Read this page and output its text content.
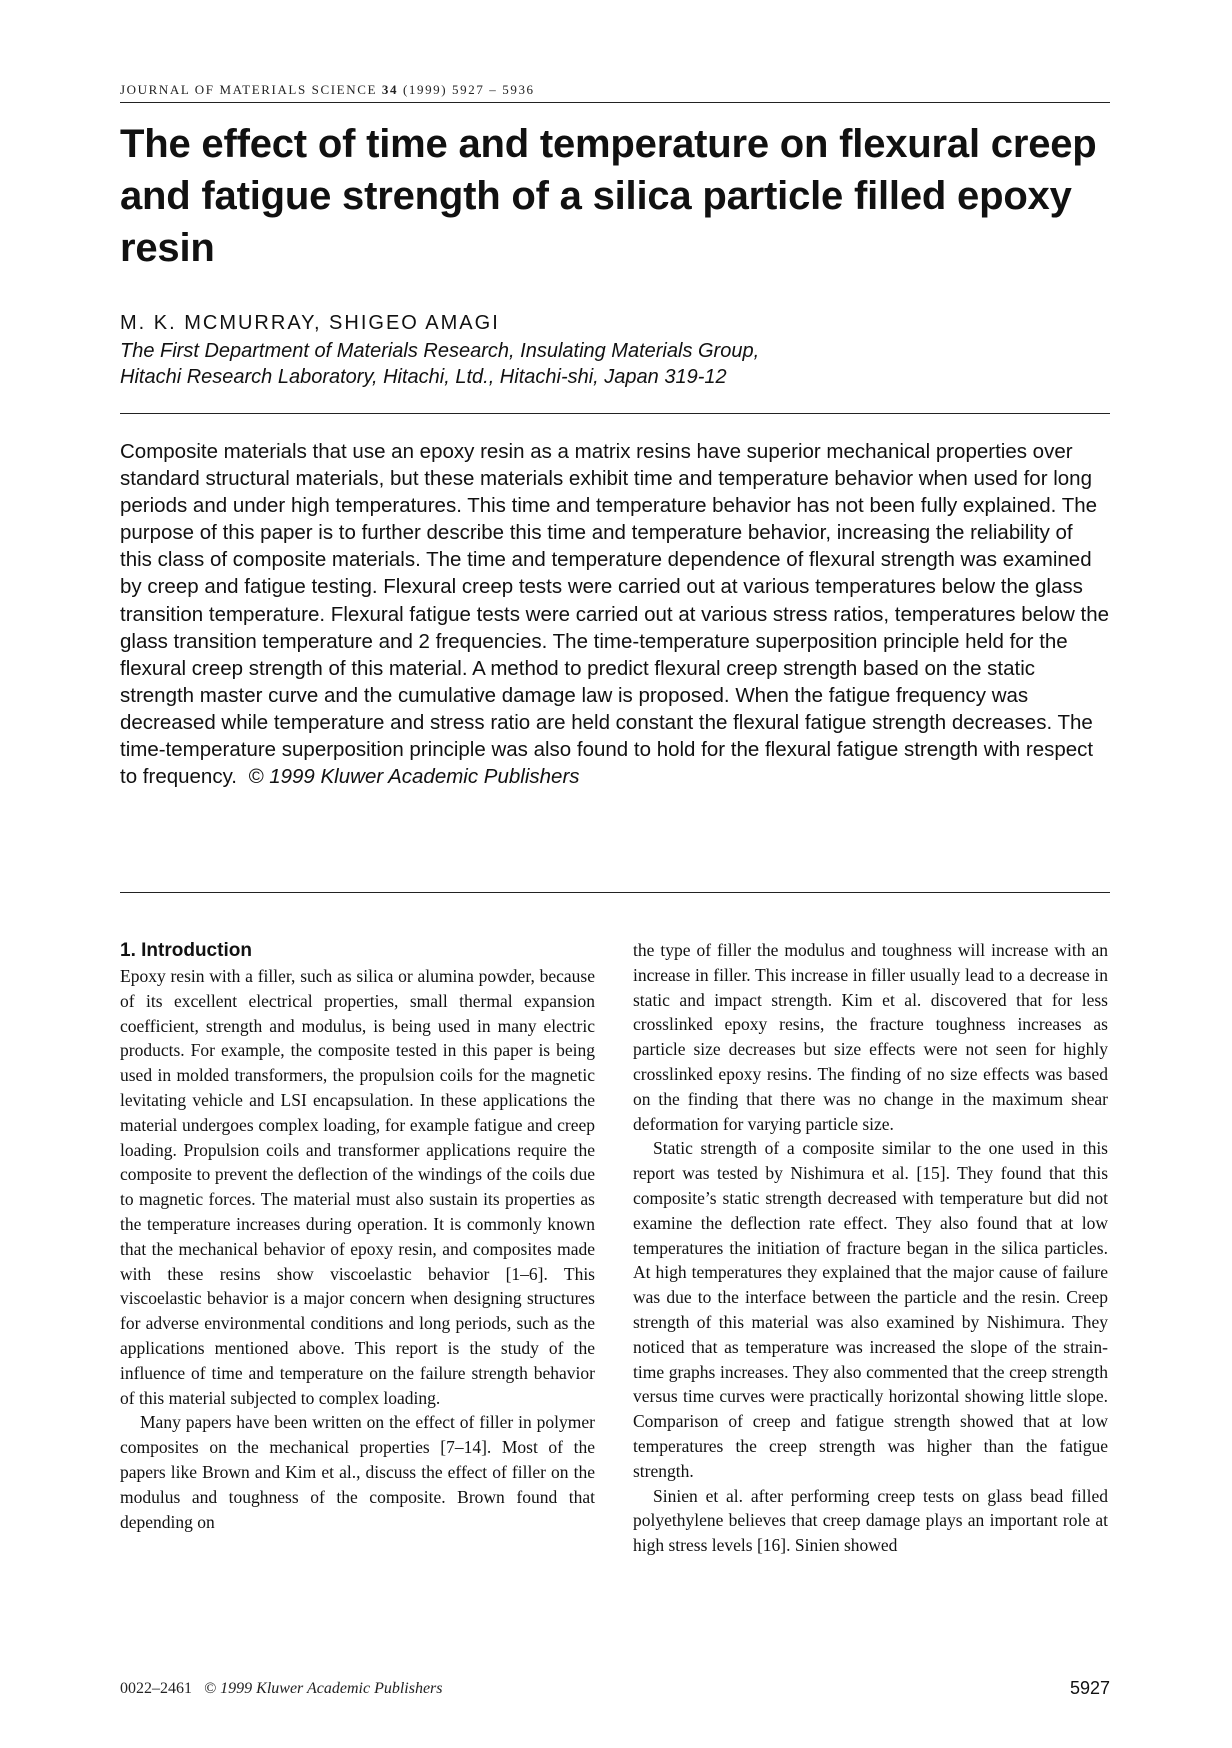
JOURNAL OF MATERIALS SCIENCE 34 (1999) 5927 – 5936
The effect of time and temperature on flexural creep and fatigue strength of a silica particle filled epoxy resin
M. K. MCMURRAY, SHIGEO AMAGI
The First Department of Materials Research, Insulating Materials Group,
Hitachi Research Laboratory, Hitachi, Ltd., Hitachi-shi, Japan 319-12

Composite materials that use an epoxy resin as a matrix resins have superior mechanical properties over standard structural materials, but these materials exhibit time and temperature behavior when used for long periods and under high temperatures. This time and temperature behavior has not been fully explained. The purpose of this paper is to further describe this time and temperature behavior, increasing the reliability of this class of composite materials. The time and temperature dependence of flexural strength was examined by creep and fatigue testing. Flexural creep tests were carried out at various temperatures below the glass transition temperature. Flexural fatigue tests were carried out at various stress ratios, temperatures below the glass transition temperature and 2 frequencies. The time-temperature superposition principle held for the flexural creep strength of this material. A method to predict flexural creep strength based on the static strength master curve and the cumulative damage law is proposed. When the fatigue frequency was decreased while temperature and stress ratio are held constant the flexural fatigue strength decreases. The time-temperature superposition principle was also found to hold for the flexural fatigue strength with respect to frequency. © 1999 Kluwer Academic Publishers

1. Introduction

Epoxy resin with a filler, such as silica or alumina powder, because of its excellent electrical properties, small thermal expansion coefficient, strength and modulus, is being used in many electric products. For example, the composite tested in this paper is being used in molded transformers, the propulsion coils for the magnetic levitating vehicle and LSI encapsulation. In these applications the material undergoes complex loading, for example fatigue and creep loading. Propulsion coils and transformer applications require the composite to prevent the deflection of the windings of the coils due to magnetic forces. The material must also sustain its properties as the temperature increases during operation. It is commonly known that the mechanical behavior of epoxy resin, and composites made with these resins show viscoelastic behavior [1–6]. This viscoelastic behavior is a major concern when designing structures for adverse environmental conditions and long periods, such as the applications mentioned above. This report is the study of the influence of time and temperature on the failure strength behavior of this material subjected to complex loading.

Many papers have been written on the effect of filler in polymer composites on the mechanical properties [7–14]. Most of the papers like Brown and Kim et al., discuss the effect of filler on the modulus and toughness of the composite. Brown found that depending on

the type of filler the modulus and toughness will increase with an increase in filler. This increase in filler usually lead to a decrease in static and impact strength. Kim et al. discovered that for less crosslinked epoxy resins, the fracture toughness increases as particle size decreases but size effects were not seen for highly crosslinked epoxy resins. The finding of no size effects was based on the finding that there was no change in the maximum shear deformation for varying particle size.

Static strength of a composite similar to the one used in this report was tested by Nishimura et al. [15]. They found that this composite’s static strength decreased with temperature but did not examine the deflection rate effect. They also found that at low temperatures the initiation of fracture began in the silica particles. At high temperatures they explained that the major cause of failure was due to the interface between the particle and the resin. Creep strength of this material was also examined by Nishimura. They noticed that as temperature was increased the slope of the strain-time graphs increases. They also commented that the creep strength versus time curves were practically horizontal showing little slope. Comparison of creep and fatigue strength showed that at low temperatures the creep strength was higher than the fatigue strength.

Sinien et al. after performing creep tests on glass bead filled polyethylene believes that creep damage plays an important role at high stress levels [16]. Sinien showed

0022–2461 © 1999 Kluwer Academic Publishers	5927
